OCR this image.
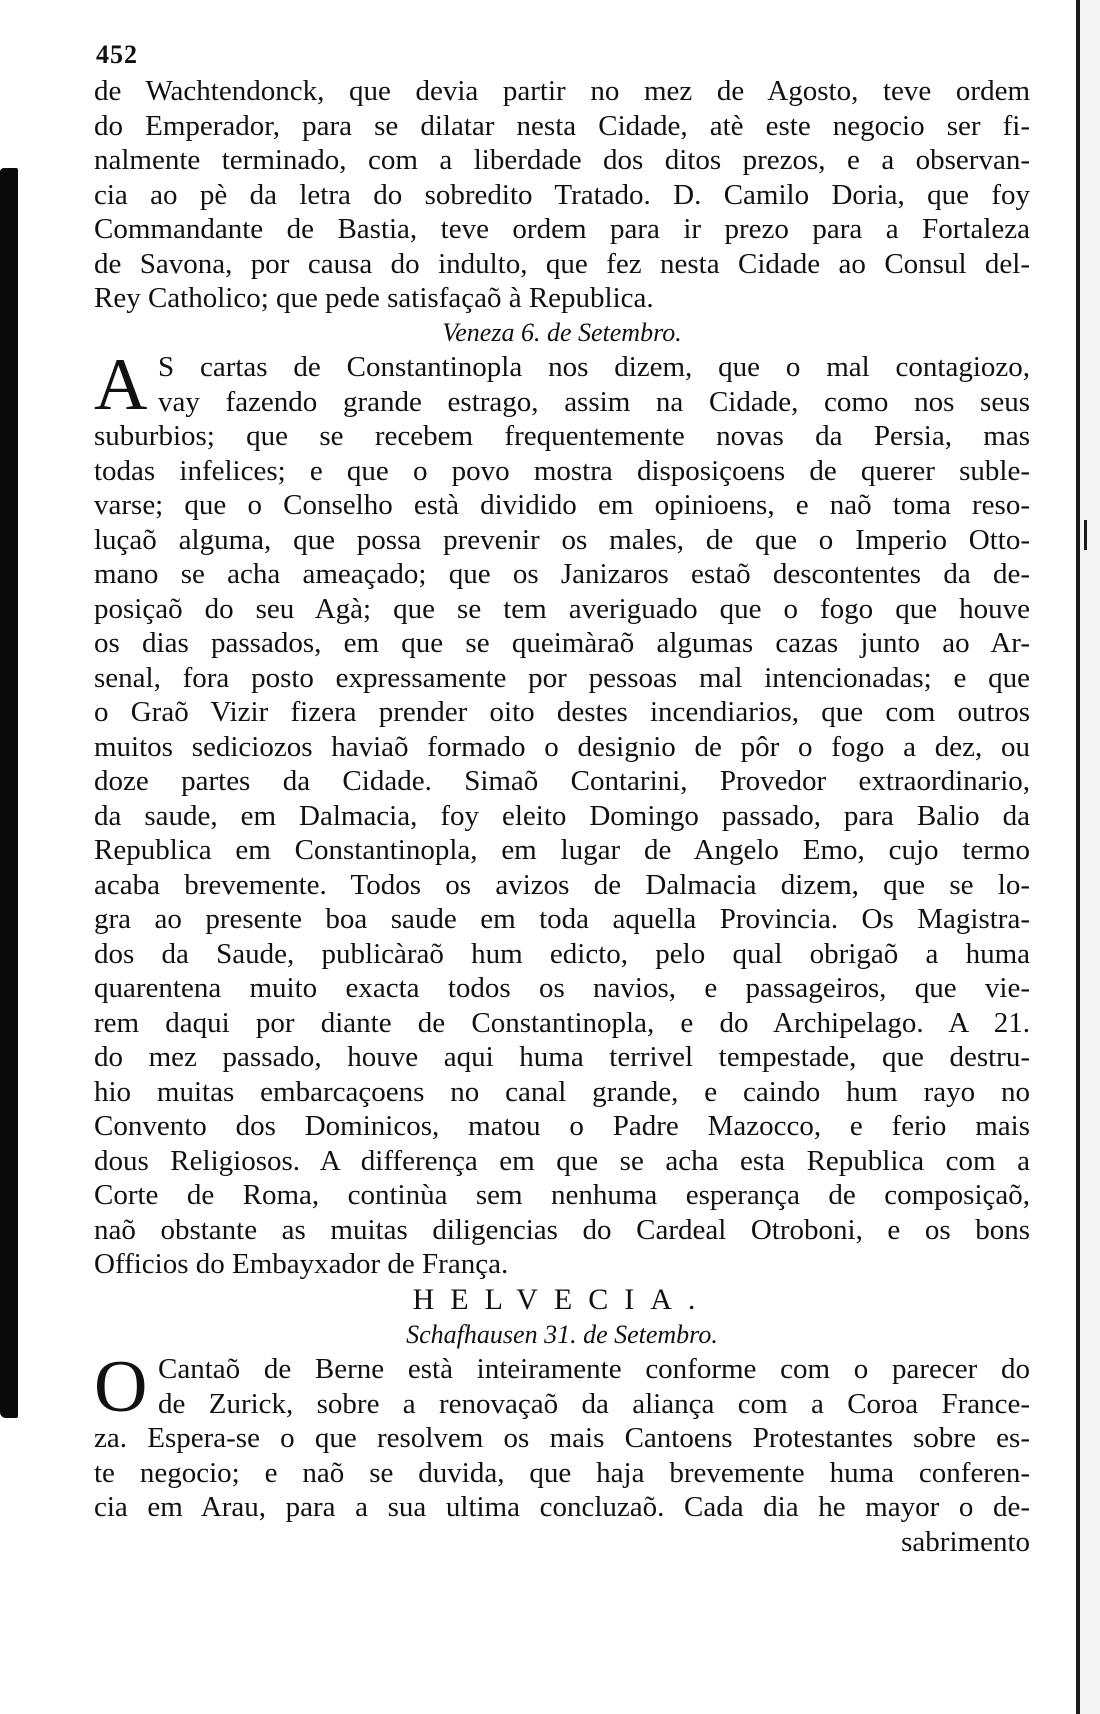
452
de Wachtendonck, que devia partir no mez de Agosto, teve ordem
do Emperador, para se dilatar nesta Cidade, atè este negocio ser fi-
nalmente terminado, com a liberdade dos ditos prezos, e a observan-
cia ao pè da letra do sobredito Tratado. D. Camilo Doria, que foy
Commandante de Bastia, teve ordem para ir prezo para a Fortaleza
de Savona, por causa do indulto, que fez nesta Cidade ao Consul del-
Rey Catholico; que pede satisfaçaõ à Republica.
Veneza 6. de Setembro.
A S cartas de Constantinopla nos dizem, que o mal contagiozo,
vay fazendo grande estrago, assim na Cidade, como nos seus
suburbios; que se recebem frequentemente novas da Persia, mas
todas infelices; e que o povo mostra disposiçoens de querer suble-
varse; que o Conselho està dividido em opinioens, e naõ toma reso-
luçaõ alguma, que possa prevenir os males, de que o Imperio Otto-
mano se acha ameaçado; que os Janizaros estaõ descontentes da de-
posiçaõ do seu Agà; que se tem averiguado que o fogo que houve
os dias passados, em que se queimàraõ algumas cazas junto ao Ar-
senal, fora posto expressamente por pessoas mal intencionadas; e que
o Graõ Vizir fizera prender oito destes incendiarios, que com outros
muitos sediciozos haviaõ formado o designio de pôr o fogo a dez, ou
doze partes da Cidade. Simaõ Contarini, Provedor extraordinario,
da saude, em Dalmacia, foy eleito Domingo passado, para Balio da
Republica em Constantinopla, em lugar de Angelo Emo, cujo termo
acaba brevemente. Todos os avizos de Dalmacia dizem, que se lo-
gra ao presente boa saude em toda aquella Provincia. Os Magistra-
dos da Saude, publicàraõ hum edicto, pelo qual obrigaõ a huma
quarentena muito exacta todos os navios, e passageiros, que vie-
rem daqui por diante de Constantinopla, e do Archipelago. A 21.
do mez passado, houve aqui huma terrivel tempestade, que destru-
hio muitas embarcaçoens no canal grande, e caindo hum rayo no
Convento dos Dominicos, matou o Padre Mazocco, e ferio mais
dous Religiosos. A differença em que se acha esta Republica com a
Corte de Roma, continùa sem nenhuma esperança de composiçaõ,
naõ obstante as muitas diligencias do Cardeal Otroboni, e os bons
Officios do Embayxador de França.
HELVECIA.
Schafhausen 31. de Setembro.
O Cantaõ de Berne està inteiramente conforme com o parecer do
de Zurick, sobre a renovaçaõ da aliança com a Coroa France-
za. Espera-se o que resolvem os mais Cantoens Protestantes sobre es-
te negocio; e naõ se duvida, que haja brevemente huma conferen-
cia em Arau, para a sua ultima concluzaõ. Cada dia he mayor o de-
sabrimento
